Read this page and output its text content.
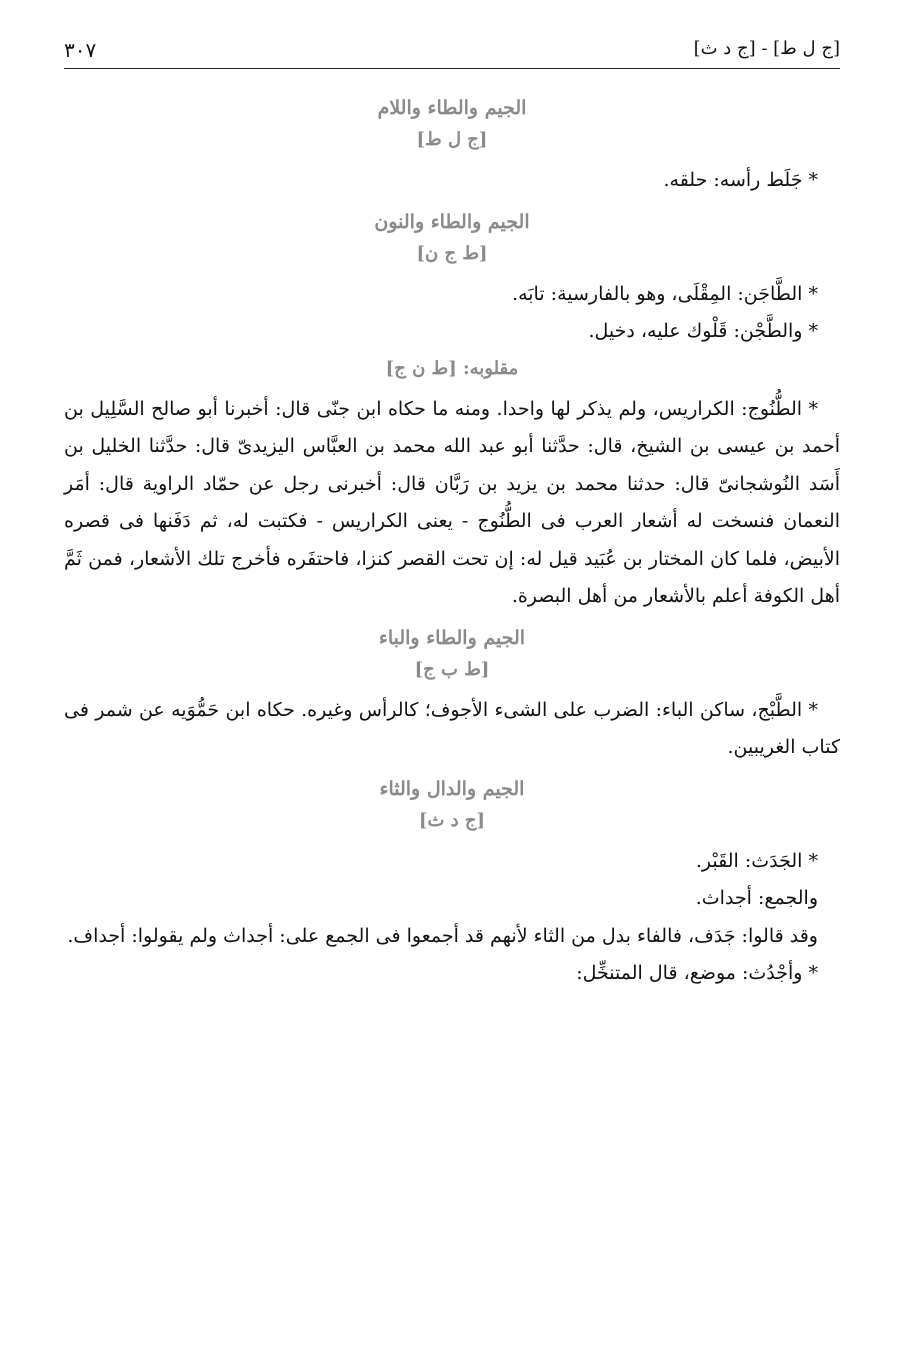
٣٠٧	[ج ل ط] - [ج د ث]
الجيم والطاء واللام
[ج ل ط]

* جَلَط رأسه: حلقه.

الجيم والطاء والنون
[ط ج ن]

* الطَّاجَن: المِقْلَى، وهو بالفارسية: تابَه.

* والطَّجْن: قَلْوك عليه، دخيل.

مقلوبه: [ط ن ج]

* الطُّنُوج: الكراريس، ولم يذكر لها واحدا. ومنه ما حكاه ابن جنّى قال: أخبرنا أبو صالح السَّلِيل بن أحمد بن عيسى بن الشيخ، قال: حدَّثنا أبو عبد الله محمد بن العبَّاس اليزيدىّ قال: حدَّثنا الخليل بن أَسَد النُوشجانىّ قال: حدثنا محمد بن يزيد بن رَبَّان قال: أخبرنى رجل عن حمّاد الراوية قال: أمَر النعمان فنسخت له أشعار العرب فى الطُّنُوج - يعنى الكراريس - فكتبت له، ثم دَفَنها فى قصره الأبيض، فلما كان المختار بن عُبَيد قيل له: إن تحت القصر كنزا، فاحتفَره فأخرج تلك الأشعار، فمن ثَمَّ أهل الكوفة أعلم بالأشعار من أهل البصرة.

الجيم والطاء والباء
[ط ب ج]

* الطَّبْج، ساكن الباء: الضرب على الشىء الأجوف؛ كالرأس وغيره. حكاه ابن حَمُّوَيه عن شمر فى كتاب الغريبين.

الجيم والدال والثاء
[ج د ث]

* الجَدَث: القَبْر.

والجمع: أجداث.

وقد قالوا: جَدَف، فالفاء بدل من الثاء لأنهم قد أجمعوا فى الجمع على: أجداث ولم يقولوا: أجداف.

* وأجْدُث: موضع، قال المتنخِّل:
